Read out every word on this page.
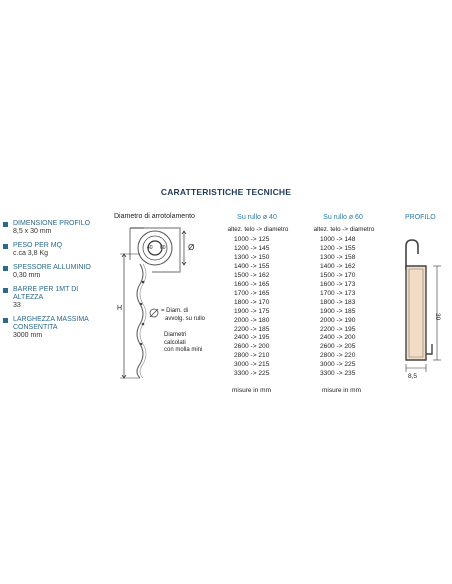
CARATTERISTICHE TECNICHE
DIMENSIONE PROFILO
8,5 x 30 mm
PESO PER MQ
c.ca 3,8 Kg
SPESSORE ALLUMINIO
0,30 mm
BARRE PER 1MT DI ALTEZZA
33
LARGHEZZA MASSIMA CONSENTITA
3000 mm
Diametro di arrotolamento
H
40 60	Ø
= Diam. di
avvolg. su rullo
Diametri
calcolati
con molla mini
Su rullo ø 40
altez. telo -> diametro
1000 -> 125
1200 -> 145
1300 -> 150
1400 -> 155
1500 -> 162
1600 -> 165
1700 -> 165
1800 -> 170
1900 -> 175
2000 -> 180
2200 -> 185
2400 -> 195
2600 -> 200
2800 -> 210
3000 -> 215
3300 -> 225
misure in mm
Su rullo ø 60
altez. telo -> diametro
1000 -> 148
1200 -> 155
1300 -> 158
1400 -> 162
1500 -> 170
1600 -> 173
1700 -> 173
1800 -> 183
1900 -> 185
2000 -> 190
2200 -> 195
2400 -> 200
2600 -> 205
2800 -> 220
3000 -> 225
3300 -> 235
misure in mm
PROFILO
30
8,5
